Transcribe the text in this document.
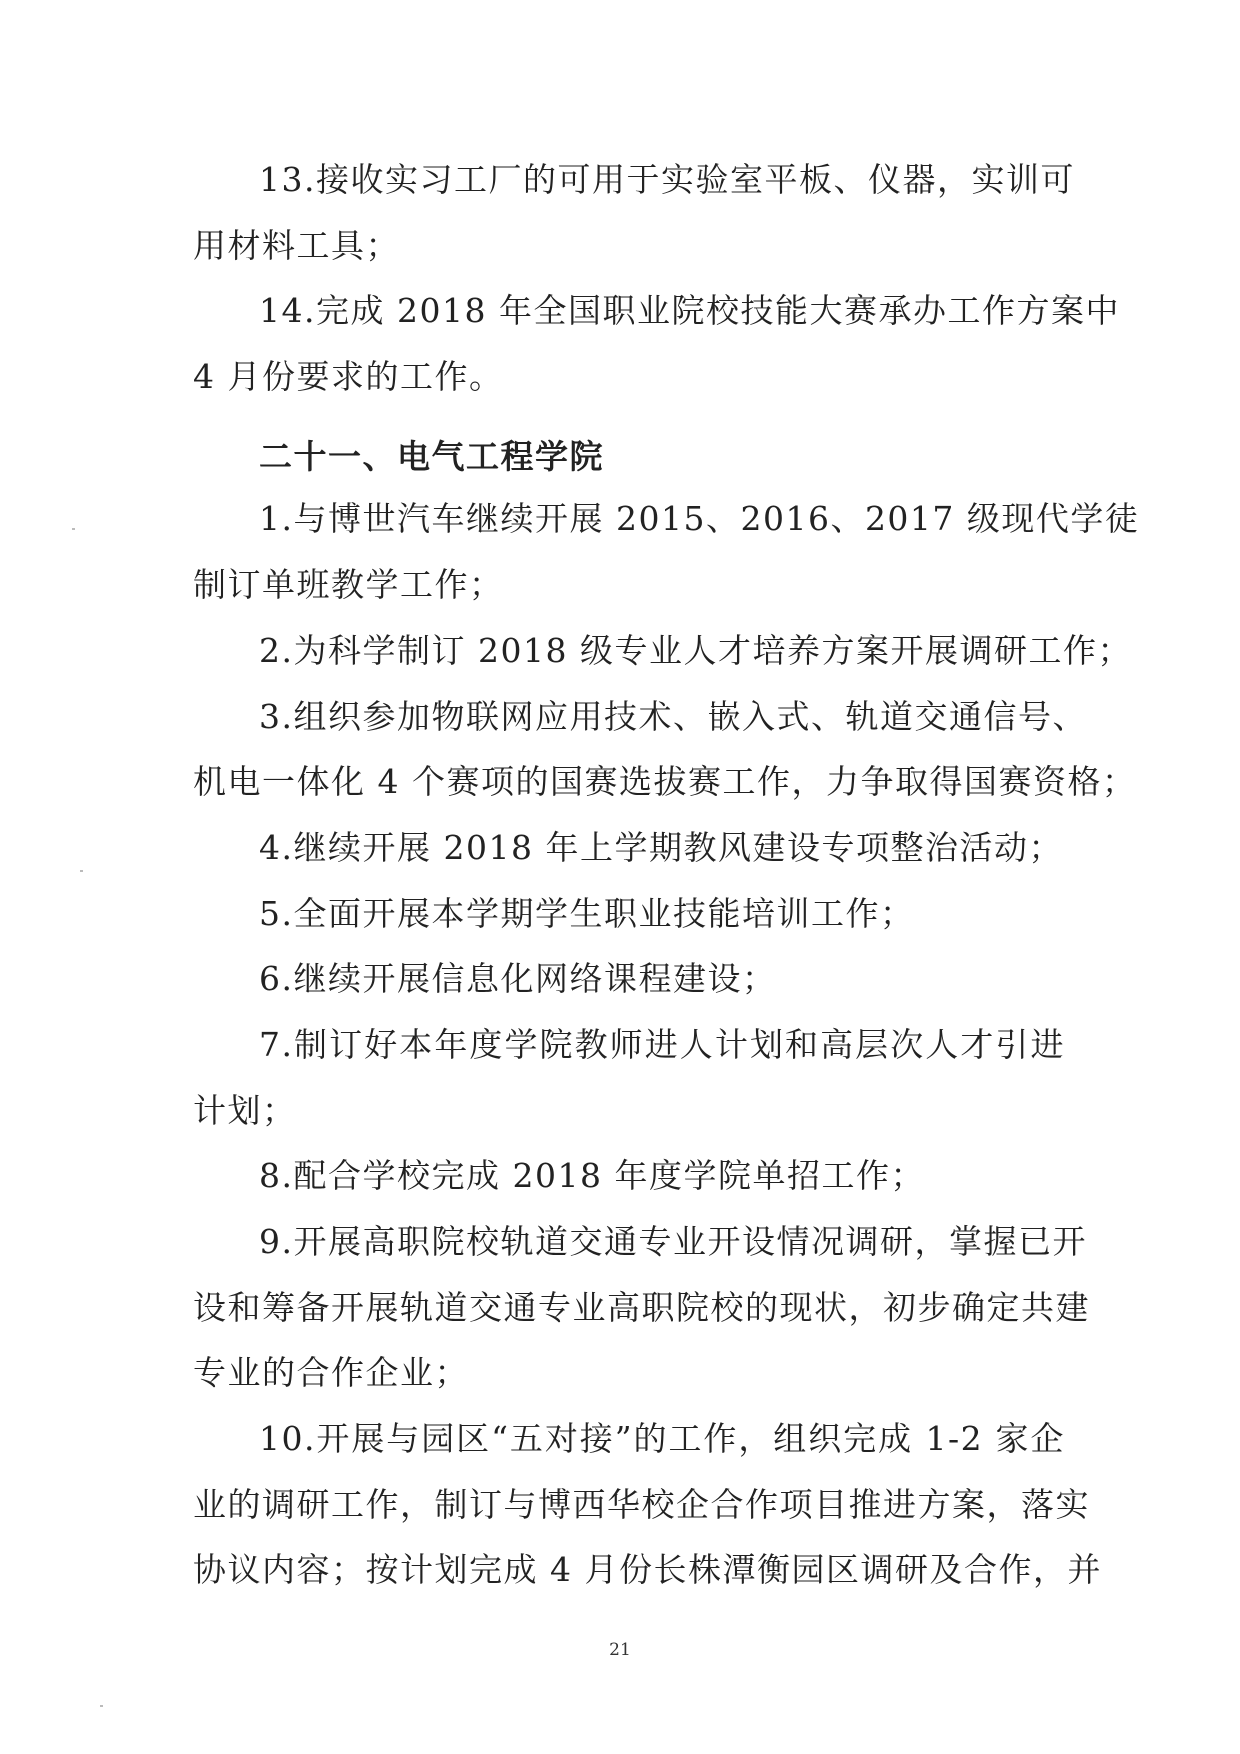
13.接收实习工厂的可用于实验室平板、仪器，实训可
用材料工具；
14.完成 2018 年全国职业院校技能大赛承办工作方案中
4 月份要求的工作。
二十一、电气工程学院
1.与博世汽车继续开展 2015、2016、2017 级现代学徒
制订单班教学工作；
2.为科学制订 2018 级专业人才培养方案开展调研工作；
3.组织参加物联网应用技术、嵌入式、轨道交通信号、
机电一体化 4 个赛项的国赛选拔赛工作，力争取得国赛资格；
4.继续开展 2018 年上学期教风建设专项整治活动；
5.全面开展本学期学生职业技能培训工作；
6.继续开展信息化网络课程建设；
7.制订好本年度学院教师进人计划和高层次人才引进
计划；
8.配合学校完成 2018 年度学院单招工作；
9.开展高职院校轨道交通专业开设情况调研，掌握已开
设和筹备开展轨道交通专业高职院校的现状，初步确定共建
专业的合作企业；
10.开展与园区“五对接”的工作，组织完成 1-2 家企
业的调研工作，制订与博西华校企合作项目推进方案，落实
协议内容；按计划完成 4 月份长株潭衡园区调研及合作，并
21
